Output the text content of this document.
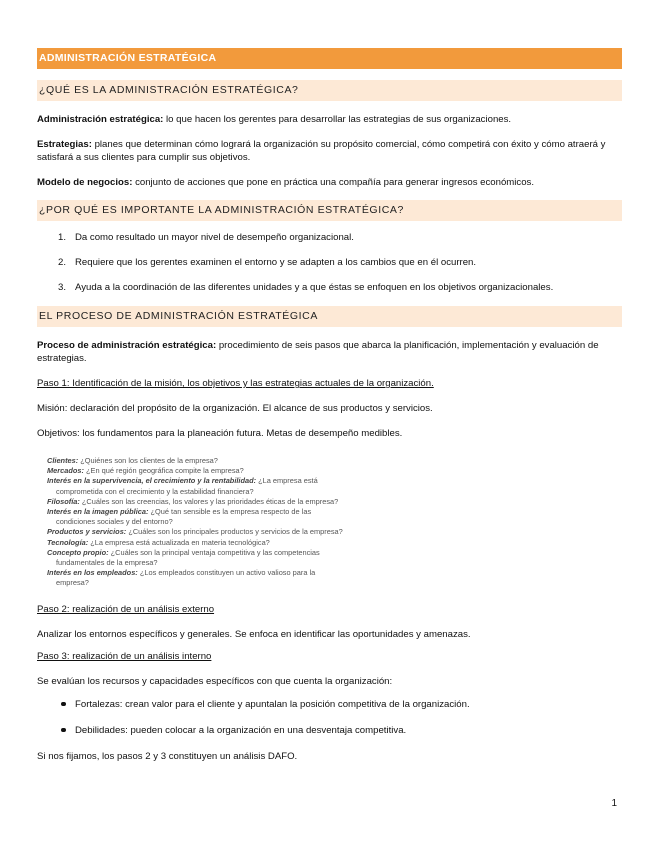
ADMINISTRACIÓN ESTRATÉGICA
¿QUÉ ES LA ADMINISTRACIÓN ESTRATÉGICA?

Administración estratégica: lo que hacen los gerentes para desarrollar las estrategias de sus organizaciones.

Estrategias: planes que determinan cómo logrará la organización su propósito comercial, cómo competirá con éxito y cómo atraerá y satisfará a sus clientes para cumplir sus objetivos.

Modelo de negocios: conjunto de acciones que pone en práctica una compañía para generar ingresos económicos.

¿POR QUÉ ES IMPORTANTE LA ADMINISTRACIÓN ESTRATÉGICA?
1. Da como resultado un mayor nivel de desempeño organizacional.
2. Requiere que los gerentes examinen el entorno y se adapten a los cambios que en él ocurren.
3. Ayuda a la coordinación de las diferentes unidades y a que éstas se enfoquen en los objetivos organizacionales.
EL PROCESO DE ADMINISTRACIÓN ESTRATÉGICA

Proceso de administración estratégica: procedimiento de seis pasos que abarca la planificación, implementación y evaluación de estrategias.

Paso 1: Identificación de la misión, los objetivos y las estrategias actuales de la organización.

Misión: declaración del propósito de la organización. El alcance de sus productos y servicios.

Objetivos: los fundamentos para la planeación futura. Metas de desempeño medibles.

Clientes: ¿Quiénes son los clientes de la empresa?
Mercados: ¿En qué región geográfica compite la empresa?
Interés en la supervivencia, el crecimiento y la rentabilidad: ¿La empresa está
comprometida con el crecimiento y la estabilidad financiera?
Filosofía: ¿Cuáles son las creencias, los valores y las prioridades éticas de la empresa?
Interés en la imagen pública: ¿Qué tan sensible es la empresa respecto de las
condiciones sociales y del entorno?
Productos y servicios: ¿Cuáles son los principales productos y servicios de la empresa?
Tecnología: ¿La empresa está actualizada en materia tecnológica?
Concepto propio: ¿Cuáles son la principal ventaja competitiva y las competencias
fundamentales de la empresa?
Interés en los empleados: ¿Los empleados constituyen un activo valioso para la
empresa?

Paso 2: realización de un análisis externo

Analizar los entornos específicos y generales. Se enfoca en identificar las oportunidades y amenazas.

Paso 3: realización de un análisis interno

Se evalúan los recursos y capacidades específicos con que cuenta la organización:

Fortalezas: crean valor para el cliente y apuntalan la posición competitiva de la organización.
Debilidades: pueden colocar a la organización en una desventaja competitiva.

Si nos fijamos, los pasos 2 y 3 constituyen un análisis DAFO.

1
